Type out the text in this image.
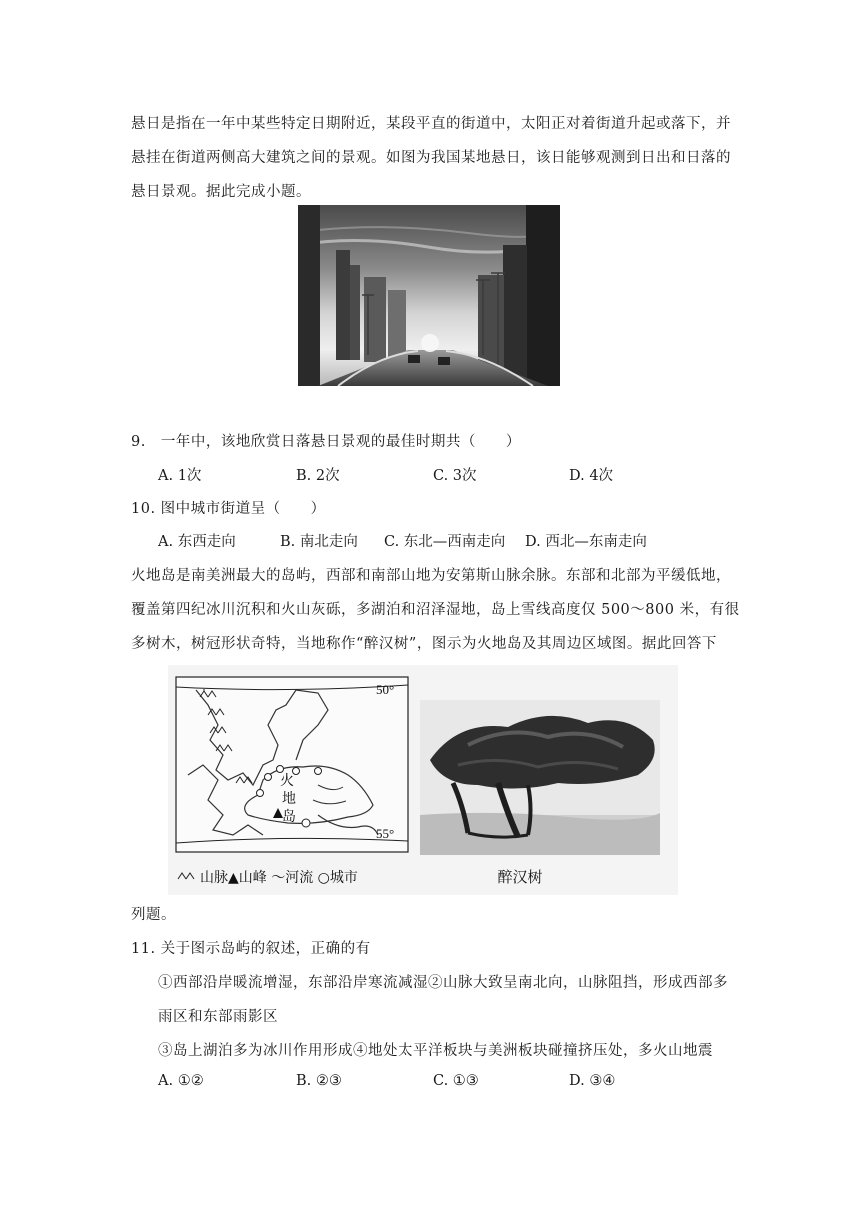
悬日是指在一年中某些特定日期附近，某段平直的街道中，太阳正对着街道升起或落下，并
悬挂在街道两侧高大建筑之间的景观。如图为我国某地悬日，该日能够观测到日出和日落的
悬日景观。据此完成小题。
9.　一年中，该地欣赏日落悬日景观的最佳时期共（　　）
A. 1次	B. 2次	C. 3次	D. 4次
10. 图中城市街道呈（　　）
A. 东西走向	B. 南北走向 C. 东北—西南走向 D. 西北—东南走向
火地岛是南美洲最大的岛屿，西部和南部山地为安第斯山脉余脉。东部和北部为平缓低地，
覆盖第四纪冰川沉积和火山灰砾，多湖泊和沼泽湿地，岛上雪线高度仅 500～800 米，有很
多树木，树冠形状奇特，当地称作“醉汉树”，图示为火地岛及其周边区域图。据此回答下
50°
55°
火
地
岛
山脉▲山峰 ～河流 ○城市	醉汉树
列题。
11. 关于图示岛屿的叙述，正确的有
①西部沿岸暖流增湿，东部沿岸寒流减湿②山脉大致呈南北向，山脉阻挡，形成西部多
雨区和东部雨影区
③岛上湖泊多为冰川作用形成④地处太平洋板块与美洲板块碰撞挤压处，多火山地震
A. ①②	B. ②③	C. ①③	D. ③④
